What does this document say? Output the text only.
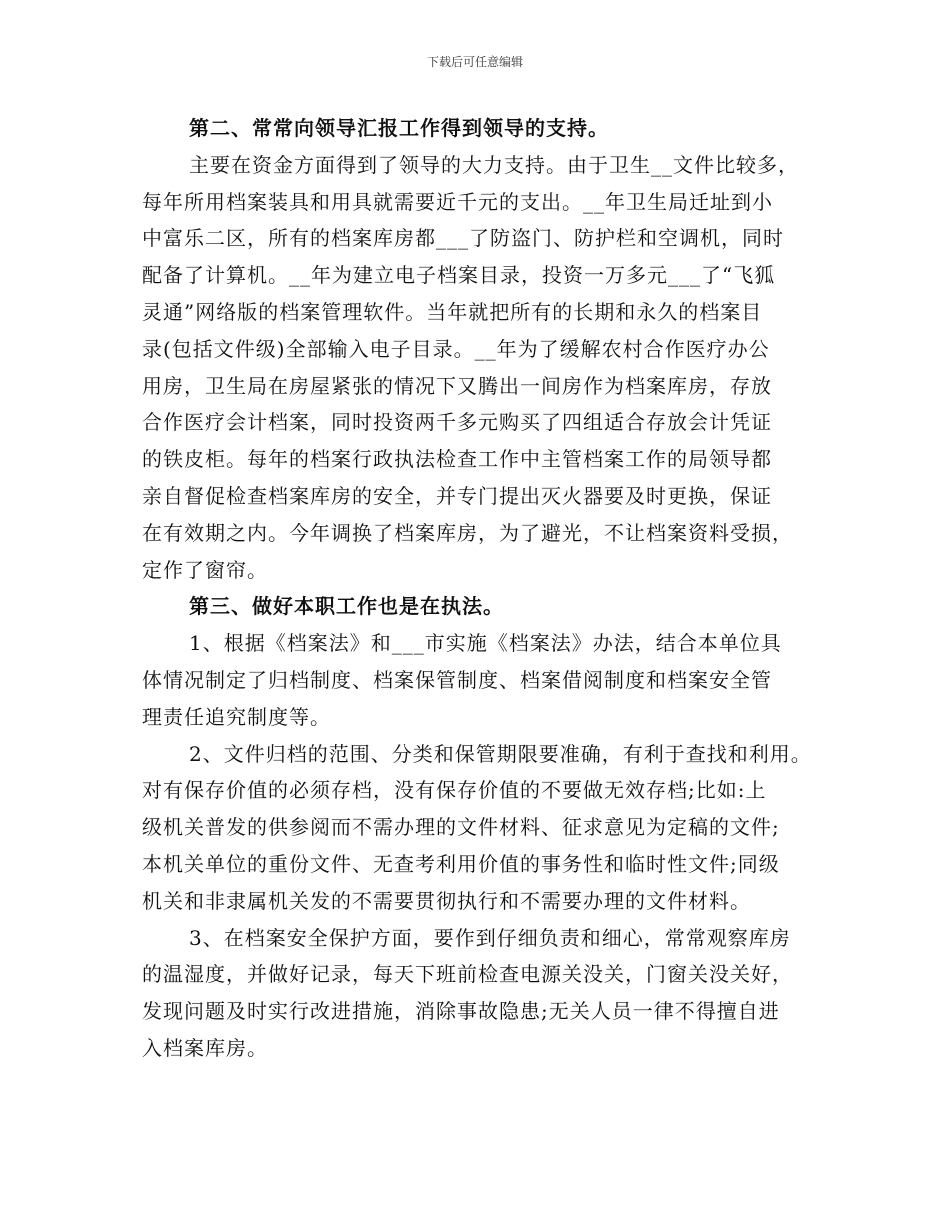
下载后可任意编辑
第二、常常向领导汇报工作得到领导的支持。
主要在资金方面得到了领导的大力支持。由于卫生__文件比较多，
每年所用档案装具和用具就需要近千元的支出。__年卫生局迁址到小
中富乐二区，所有的档案库房都___了防盗门、防护栏和空调机，同时
配备了计算机。__年为建立电子档案目录，投资一万多元___了“飞狐
灵通”网络版的档案管理软件。当年就把所有的长期和永久的档案目
录(包括文件级)全部输入电子目录。__年为了缓解农村合作医疗办公
用房，卫生局在房屋紧张的情况下又腾出一间房作为档案库房，存放
合作医疗会计档案，同时投资两千多元购买了四组适合存放会计凭证
的铁皮柜。每年的档案行政执法检查工作中主管档案工作的局领导都
亲自督促检查档案库房的安全，并专门提出灭火器要及时更换，保证
在有效期之内。今年调换了档案库房，为了避光，不让档案资料受损，
定作了窗帘。
第三、做好本职工作也是在执法。
1、根据《档案法》和___市实施《档案法》办法，结合本单位具
体情况制定了归档制度、档案保管制度、档案借阅制度和档案安全管
理责任追究制度等。
2、文件归档的范围、分类和保管期限要准确，有利于查找和利用。
对有保存价值的必须存档，没有保存价值的不要做无效存档;比如:上
级机关普发的供参阅而不需办理的文件材料、征求意见为定稿的文件;
本机关单位的重份文件、无查考利用价值的事务性和临时性文件;同级
机关和非隶属机关发的不需要贯彻执行和不需要办理的文件材料。
3、在档案安全保护方面，要作到仔细负责和细心，常常观察库房
的温湿度，并做好记录，每天下班前检查电源关没关，门窗关没关好，
发现问题及时实行改进措施，消除事故隐患;无关人员一律不得擅自进
入档案库房。
